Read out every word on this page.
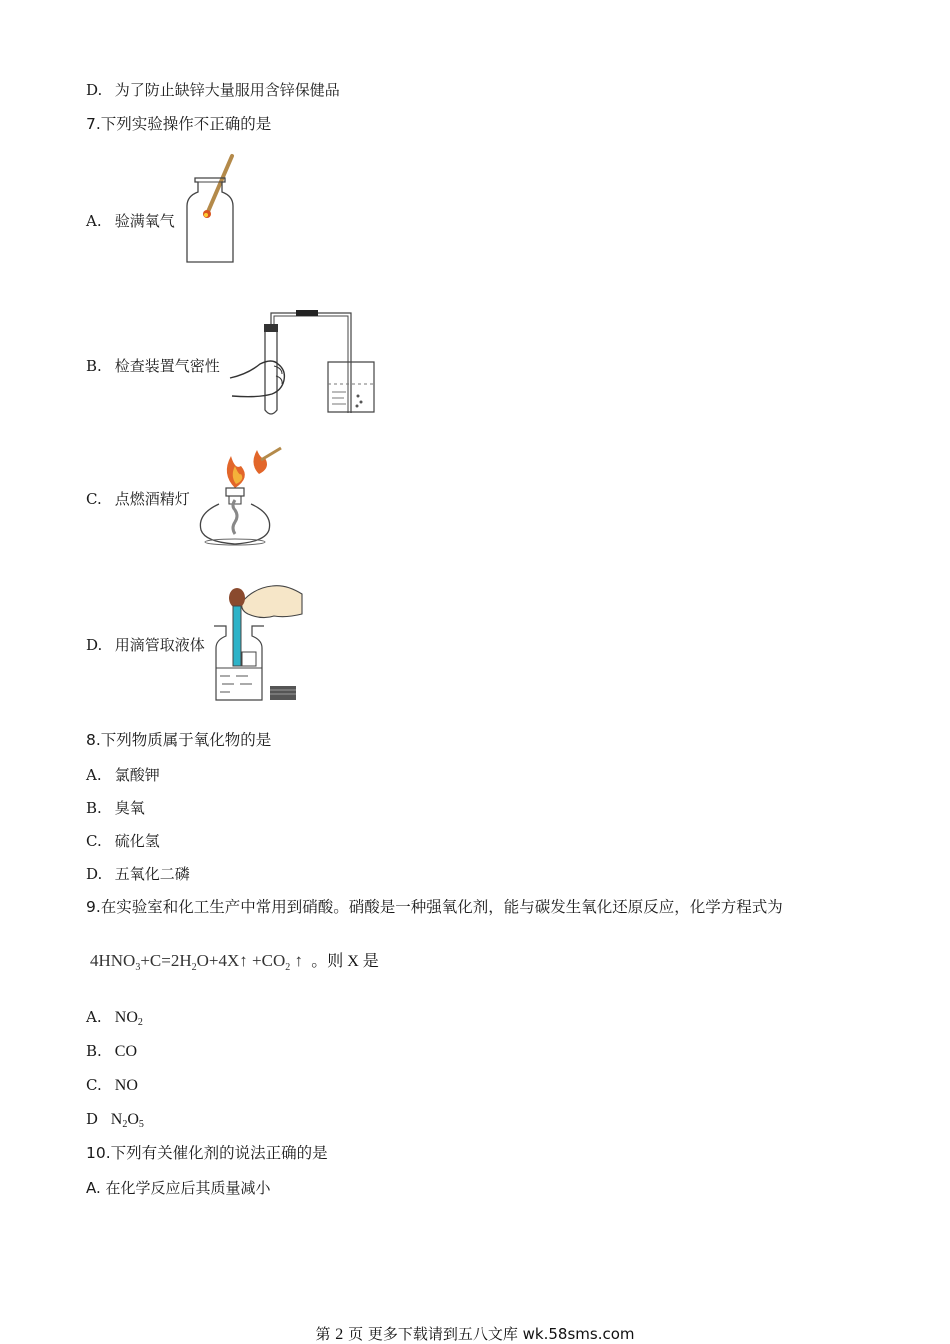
D. 为了防止缺锌大量服用含锌保健品
7.下列实验操作不正确的是
A. 验满氧气
B. 检查装置气密性
C. 点燃酒精灯
D. 用滴管取液体
8.下列物质属于氧化物的是
A. 氯酸钾
B. 臭氧
C. 硫化氢
D. 五氧化二磷
9.在实验室和化工生产中常用到硝酸。硝酸是一种强氧化剂，能与碳发生氧化还原反应，化学方程式为
$4HNO_3+C=2H_2O+4X↑ +CO_2$ ↑ 。则 X 是
A. $NO_2$
B. CO
C. NO
D $N_2O_5$
10.下列有关催化剂的说法正确的是
A. 在化学反应后其质量减小
第 2 页 更多下载请到五八文库 wk.58sms.com
